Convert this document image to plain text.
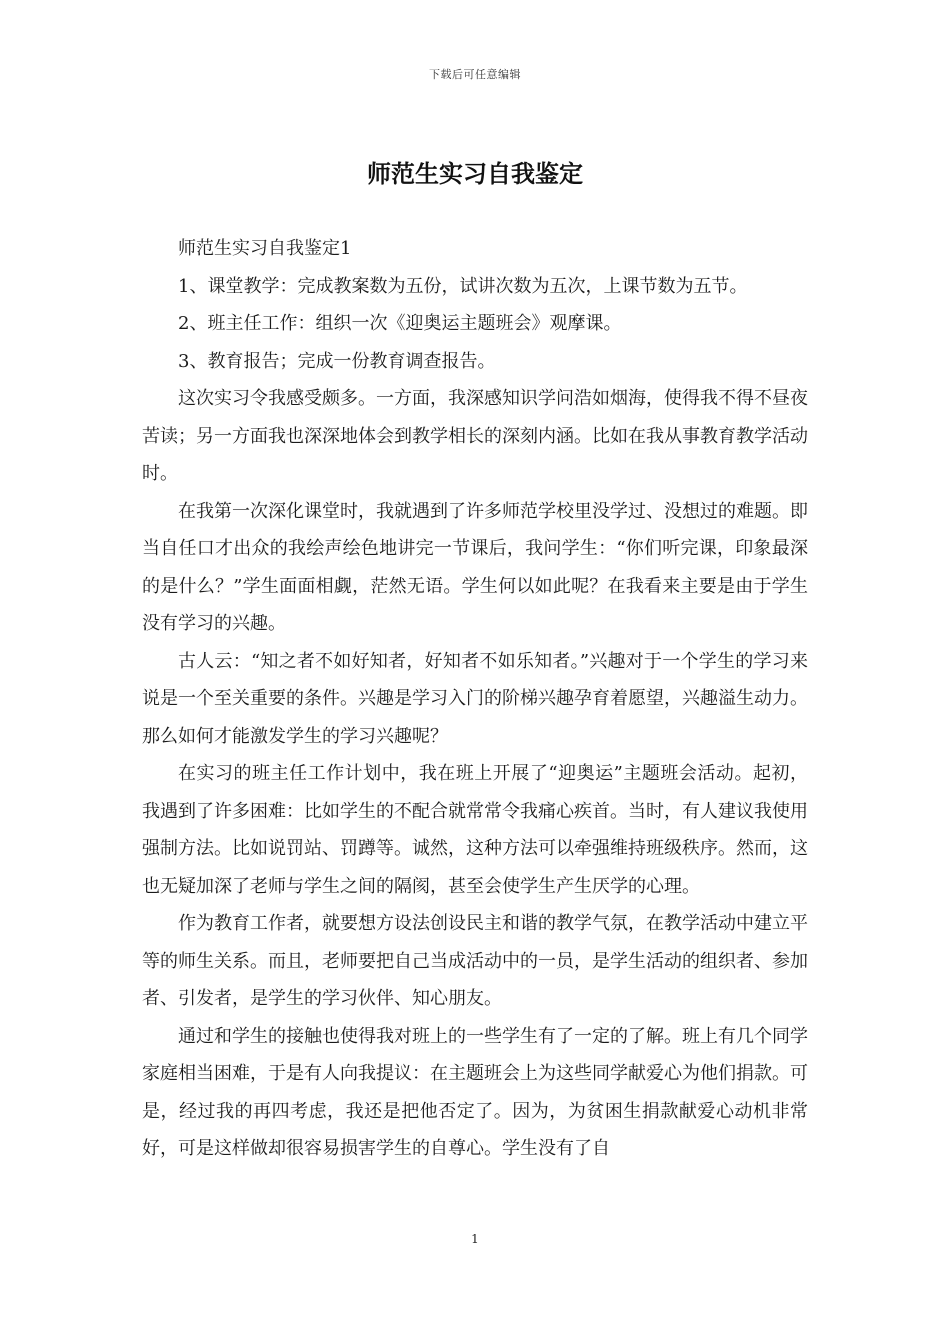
下载后可任意编辑
师范生实习自我鉴定

师范生实习自我鉴定1

1、课堂教学：完成教案数为五份，试讲次数为五次，上课节数为五节。

2、班主任工作：组织一次《迎奥运主题班会》观摩课。

3、教育报告；完成一份教育调查报告。

这次实习令我感受颇多。一方面，我深感知识学问浩如烟海，使得我不得不昼夜苦读；另一方面我也深深地体会到教学相长的深刻内涵。比如在我从事教育教学活动时。

在我第一次深化课堂时，我就遇到了许多师范学校里没学过、没想过的难题。即当自任口才出众的我绘声绘色地讲完一节课后，我问学生：“你们听完课，印象最深的是什么？”学生面面相觑，茫然无语。学生何以如此呢？在我看来主要是由于学生没有学习的兴趣。

古人云：“知之者不如好知者，好知者不如乐知者。”兴趣对于一个学生的学习来说是一个至关重要的条件。兴趣是学习入门的阶梯兴趣孕育着愿望，兴趣溢生动力。那么如何才能激发学生的学习兴趣呢？

在实习的班主任工作计划中，我在班上开展了“迎奥运”主题班会活动。起初，我遇到了许多困难：比如学生的不配合就常常令我痛心疾首。当时，有人建议我使用强制方法。比如说罚站、罚蹲等。诚然，这种方法可以牵强维持班级秩序。然而，这也无疑加深了老师与学生之间的隔阂，甚至会使学生产生厌学的心理。

作为教育工作者，就要想方设法创设民主和谐的教学气氛，在教学活动中建立平等的师生关系。而且，老师要把自己当成活动中的一员，是学生活动的组织者、参加者、引发者，是学生的学习伙伴、知心朋友。

通过和学生的接触也使得我对班上的一些学生有了一定的了解。班上有几个同学家庭相当困难，于是有人向我提议：在主题班会上为这些同学献爱心为他们捐款。可是，经过我的再四考虑，我还是把他否定了。因为，为贫困生捐款献爱心动机非常好，可是这样做却很容易损害学生的自尊心。学生没有了自

1
